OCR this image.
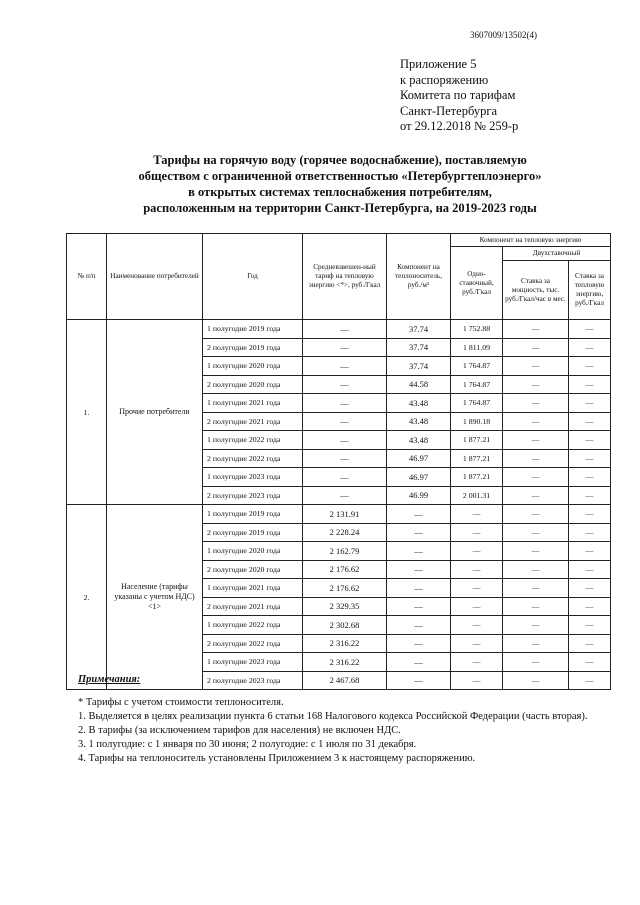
3607009/13502(4)
Приложение 5
к распоряжению
Комитета по тарифам
Санкт-Петербурга
от 29.12.2018 № 259-р
Тарифы на горячую воду (горячее водоснабжение), поставляемую
обществом с ограниченной ответственностью «Петербургтеплоэнерго»
в открытых системах теплоснабжения потребителям,
расположенным на территории Санкт-Петербурга, на 2019-2023 годы
№ п/п	Наименование потребителей	Год	Средневзвешен-ный тариф на тепловую энергию <*>, руб./Гкал	Компонент на теплоноситель, руб./м³	Компонент на тепловую энергию		
					Одно-ставочный, руб./Гкал	Двухставочный	
						Ставка за мощность, тыс. руб./Гкал/час в мес.	Ставка за тепловую энергию, руб./Гкал
1.	Прочие потребители	1 полугодие 2019 года	—	37.74	1 752.88	—	—
		2 полугодие 2019 года	—	37.74	1 811.09	—	—
		1 полугодие 2020 года	—	37.74	1 764.87	—	—
		2 полугодие 2020 года	—	44.58	1 764.87	—	—
		1 полугодие 2021 года	—	43.48	1 764.87	—	—
		2 полугодие 2021 года	—	43.48	1 890.18	—	—
		1 полугодие 2022 года	—	43.48	1 877.21	—	—
		2 полугодие 2022 года	—	46.97	1 877.21	—	—
		1 полугодие 2023 года	—	46.97	1 877.21	—	—
		2 полугодие 2023 года	—	46.99	2 001.31	—	—
2.	Население (тарифы указаны с учетом НДС) <1>	1 полугодие 2019 года	2 131.91	—	—	—	—
		2 полугодие 2019 года	2 228.24	—	—	—	—
		1 полугодие 2020 года	2 162.79	—	—	—	—
		2 полугодие 2020 года	2 176.62	—	—	—	—
		1 полугодие 2021 года	2 176.62	—	—	—	—
		2 полугодие 2021 года	2 329.35	—	—	—	—
		1 полугодие 2022 года	2 302.68	—	—	—	—
		2 полугодие 2022 года	2 316.22	—	—	—	—
		1 полугодие 2023 года	2 316.22	—	—	—	—
		2 полугодие 2023 года	2 467.68	—	—	—	—
Примечания:
* Тарифы с учетом стоимости теплоносителя.
1. Выделяется в целях реализации пункта 6 статьи 168 Налогового кодекса Российской Федерации (часть вторая).
2. В тарифы (за исключением тарифов для населения) не включен НДС.
3. 1 полугодие: с 1 января по 30 июня; 2 полугодие: с 1 июля по 31 декабря.
4. Тарифы на теплоноситель установлены Приложением 3 к настоящему распоряжению.
